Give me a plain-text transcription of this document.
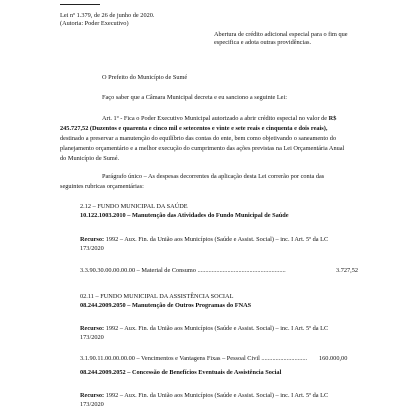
Lei nº 1.379, de 26 de junho de 2020.
(Autoria: Poder Executivo)
Abertura de crédito adicional especial para o fim que
especifica e adota outras providências.
O Prefeito do Município de Sumé
Faço saber que a Câmara Municipal decreta e eu sanciono a seguinte Lei:
Art. 1º - Fica o Poder Executivo Municipal autorizado a abrir crédito especial no valor de R$
245.727,52 (Duzentos e quarenta e cinco mil e setecentos e vinte e sete reais e cinquenta e dois reais),
destinado a preservar a manutenção do equilíbrio das contas do ente, bem como objetivando o saneamento do
planejamento orçamentário e a melhor execução do cumprimento das ações previstas na Lei Orçamentária Anual
do Município de Sumé.
Parágrafo único – As despesas decorrentes da aplicação desta Lei correrão por conta das
seguintes rubricas orçamentárias:
2.12 – FUNDO MUNICIPAL DA SAÚDE
10.122.1003.2010 – Manutenção das Atividades do Fundo Municipal de Saúde
Recurso: 1992 – Aux. Fin. da União aos Municípios (Saúde e Assist. Social) – inc. I Art. 5º da LC
173/2020
3.3.90.30.00.00.00.00 – Material de Consumo ........................................................	3.727,52
02.11 – FUNDO MUNICIPAL DA ASSISTÊNCIA SOCIAL
08.244.2009.2050 – Manutenção de Outros Programas do FNAS
Recurso: 1992 – Aux. Fin. da União aos Municípios (Saúde e Assist. Social) – inc. I Art. 5º da LC
173/2020
3.1.90.11.00.00.00.00 – Vencimentos e Vantagens Fixas – Pessoal Civil ............................. 160.000,00
08.244.2009.2052 – Concessão de Benefícios Eventuais de Assistência Social
Recurso: 1992 – Aux. Fin. da União aos Municípios (Saúde e Assist. Social) – inc. I Art. 5º da LC
173/2020
